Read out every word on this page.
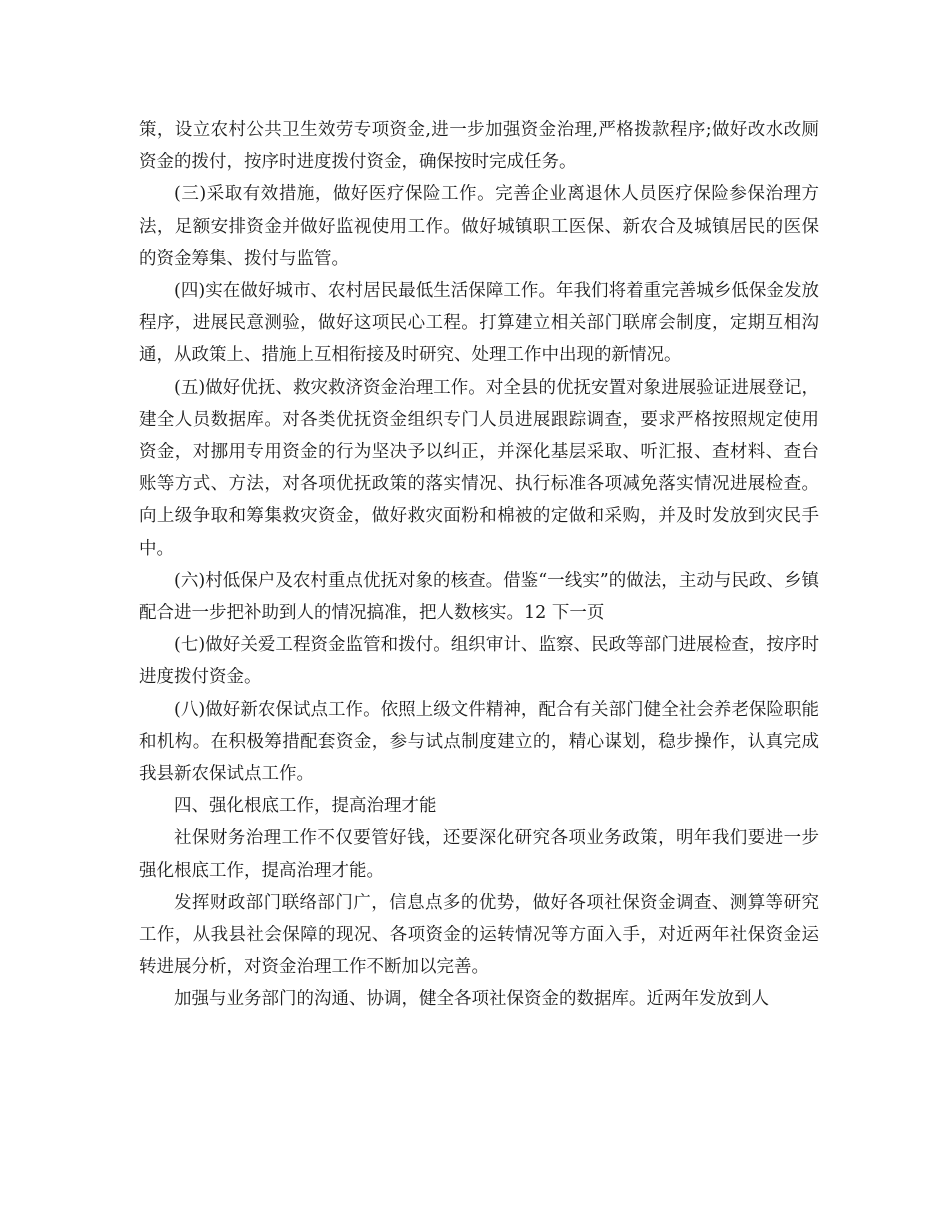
策，设立农村公共卫生效劳专项资金,进一步加强资金治理,严格拨款程序;做好改水改厕资金的拨付，按序时进度拨付资金，确保按时完成任务。

(三)采取有效措施，做好医疗保险工作。完善企业离退休人员医疗保险参保治理方法，足额安排资金并做好监视使用工作。做好城镇职工医保、新农合及城镇居民的医保的资金筹集、拨付与监管。

(四)实在做好城市、农村居民最低生活保障工作。年我们将着重完善城乡低保金发放程序，进展民意测验，做好这项民心工程。打算建立相关部门联席会制度，定期互相沟通，从政策上、措施上互相衔接及时研究、处理工作中出现的新情况。

(五)做好优抚、救灾救济资金治理工作。对全县的优抚安置对象进展验证进展登记，建全人员数据库。对各类优抚资金组织专门人员进展跟踪调查，要求严格按照规定使用资金，对挪用专用资金的行为坚决予以纠正，并深化基层采取、听汇报、查材料、查台账等方式、方法，对各项优抚政策的落实情况、执行标准各项减免落实情况进展检查。向上级争取和筹集救灾资金，做好救灾面粉和棉被的定做和采购，并及时发放到灾民手中。

(六)村低保户及农村重点优抚对象的核查。借鉴“一线实”的做法，主动与民政、乡镇配合进一步把补助到人的情况搞准，把人数核实。12 下一页

(七)做好关爱工程资金监管和拨付。组织审计、监察、民政等部门进展检查，按序时进度拨付资金。

(八)做好新农保试点工作。依照上级文件精神，配合有关部门健全社会养老保险职能和机构。在积极筹措配套资金，参与试点制度建立的，精心谋划，稳步操作，认真完成我县新农保试点工作。

四、强化根底工作，提高治理才能

社保财务治理工作不仅要管好钱，还要深化研究各项业务政策，明年我们要进一步强化根底工作，提高治理才能。

发挥财政部门联络部门广，信息点多的优势，做好各项社保资金调查、测算等研究工作，从我县社会保障的现况、各项资金的运转情况等方面入手，对近两年社保资金运转进展分析，对资金治理工作不断加以完善。

加强与业务部门的沟通、协调，健全各项社保资金的数据库。近两年发放到人
